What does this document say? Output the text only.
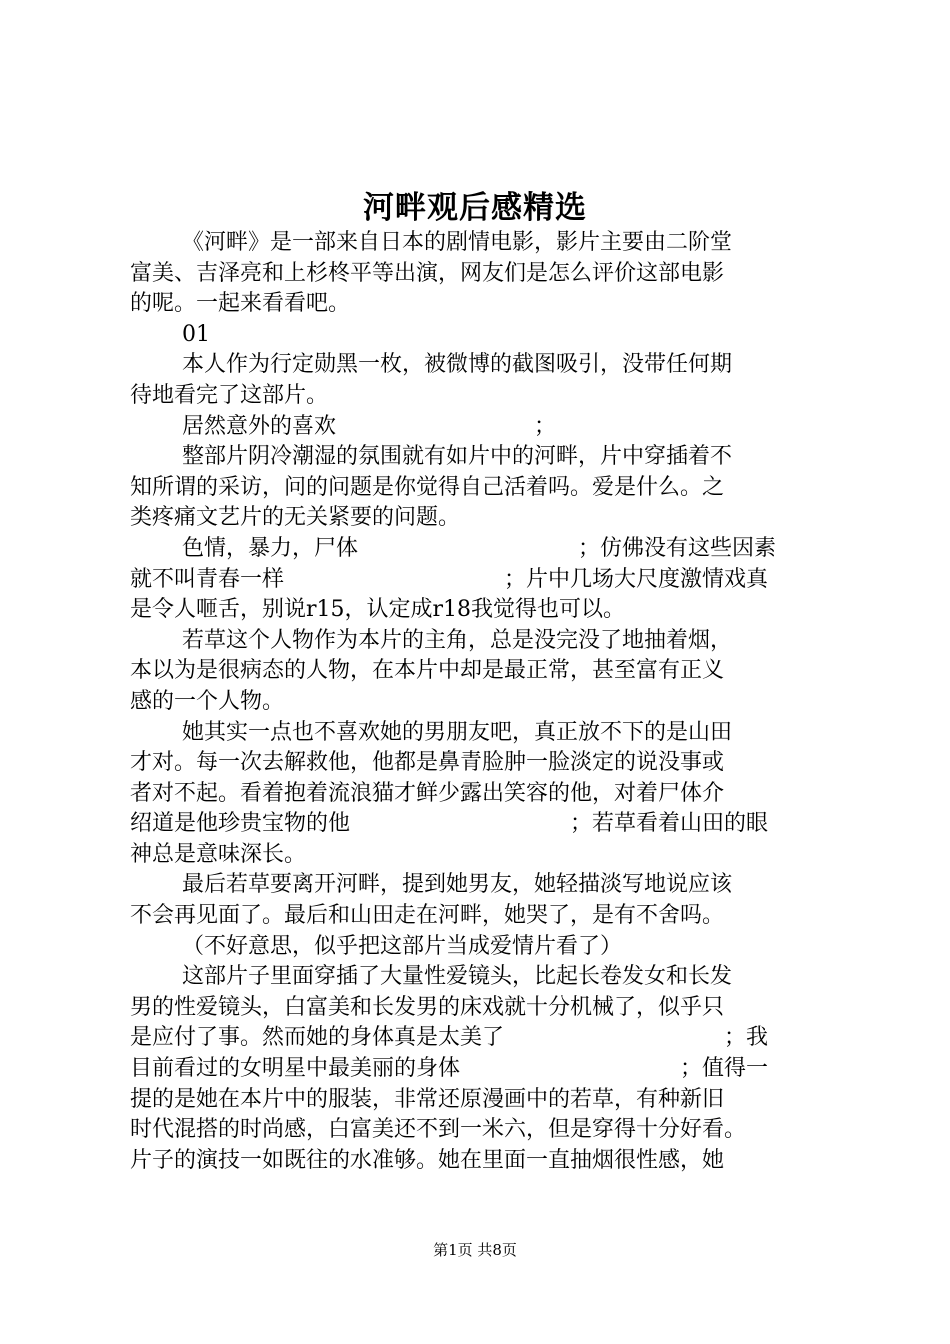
河畔观后感精选
《河畔》是一部来自日本的剧情电影，影片主要由二阶堂
富美、吉泽亮和上杉柊平等出演，网友们是怎么评价这部电影
的呢。一起来看看吧。
01
本人作为行定勋黑一枚，被微博的截图吸引，没带任何期
待地看完了这部片。
居然意外的喜欢　　　　　　　　　；
整部片阴冷潮湿的氛围就有如片中的河畔，片中穿插着不
知所谓的采访，问的问题是你觉得自己活着吗。爱是什么。之
类疼痛文艺片的无关紧要的问题。
色情，暴力，尸体　　　　　　　　　　；仿佛没有这些因素
就不叫青春一样　　　　　　　　　　；片中几场大尺度激情戏真
是令人咂舌，别说r15，认定成r18我觉得也可以。
若草这个人物作为本片的主角，总是没完没了地抽着烟，
本以为是很病态的人物，在本片中却是最正常，甚至富有正义
感的一个人物。
她其实一点也不喜欢她的男朋友吧，真正放不下的是山田
才对。每一次去解救他，他都是鼻青脸肿一脸淡定的说没事或
者对不起。看着抱着流浪猫才鲜少露出笑容的他，对着尸体介
绍道是他珍贵宝物的他　　　　　　　　　　；若草看着山田的眼
神总是意味深长。
最后若草要离开河畔，提到她男友，她轻描淡写地说应该
不会再见面了。最后和山田走在河畔，她哭了，是有不舍吗。
（不好意思，似乎把这部片当成爱情片看了）
这部片子里面穿插了大量性爱镜头，比起长卷发女和长发
男的性爱镜头，白富美和长发男的床戏就十分机械了，似乎只
是应付了事。然而她的身体真是太美了　　　　　　　　　　；我
目前看过的女明星中最美丽的身体　　　　　　　　　　；值得一
提的是她在本片中的服装，非常还原漫画中的若草，有种新旧
时代混搭的时尚感，白富美还不到一米六，但是穿得十分好看。
片子的演技一如既往的水准够。她在里面一直抽烟很性感，她
第1页 共8页
